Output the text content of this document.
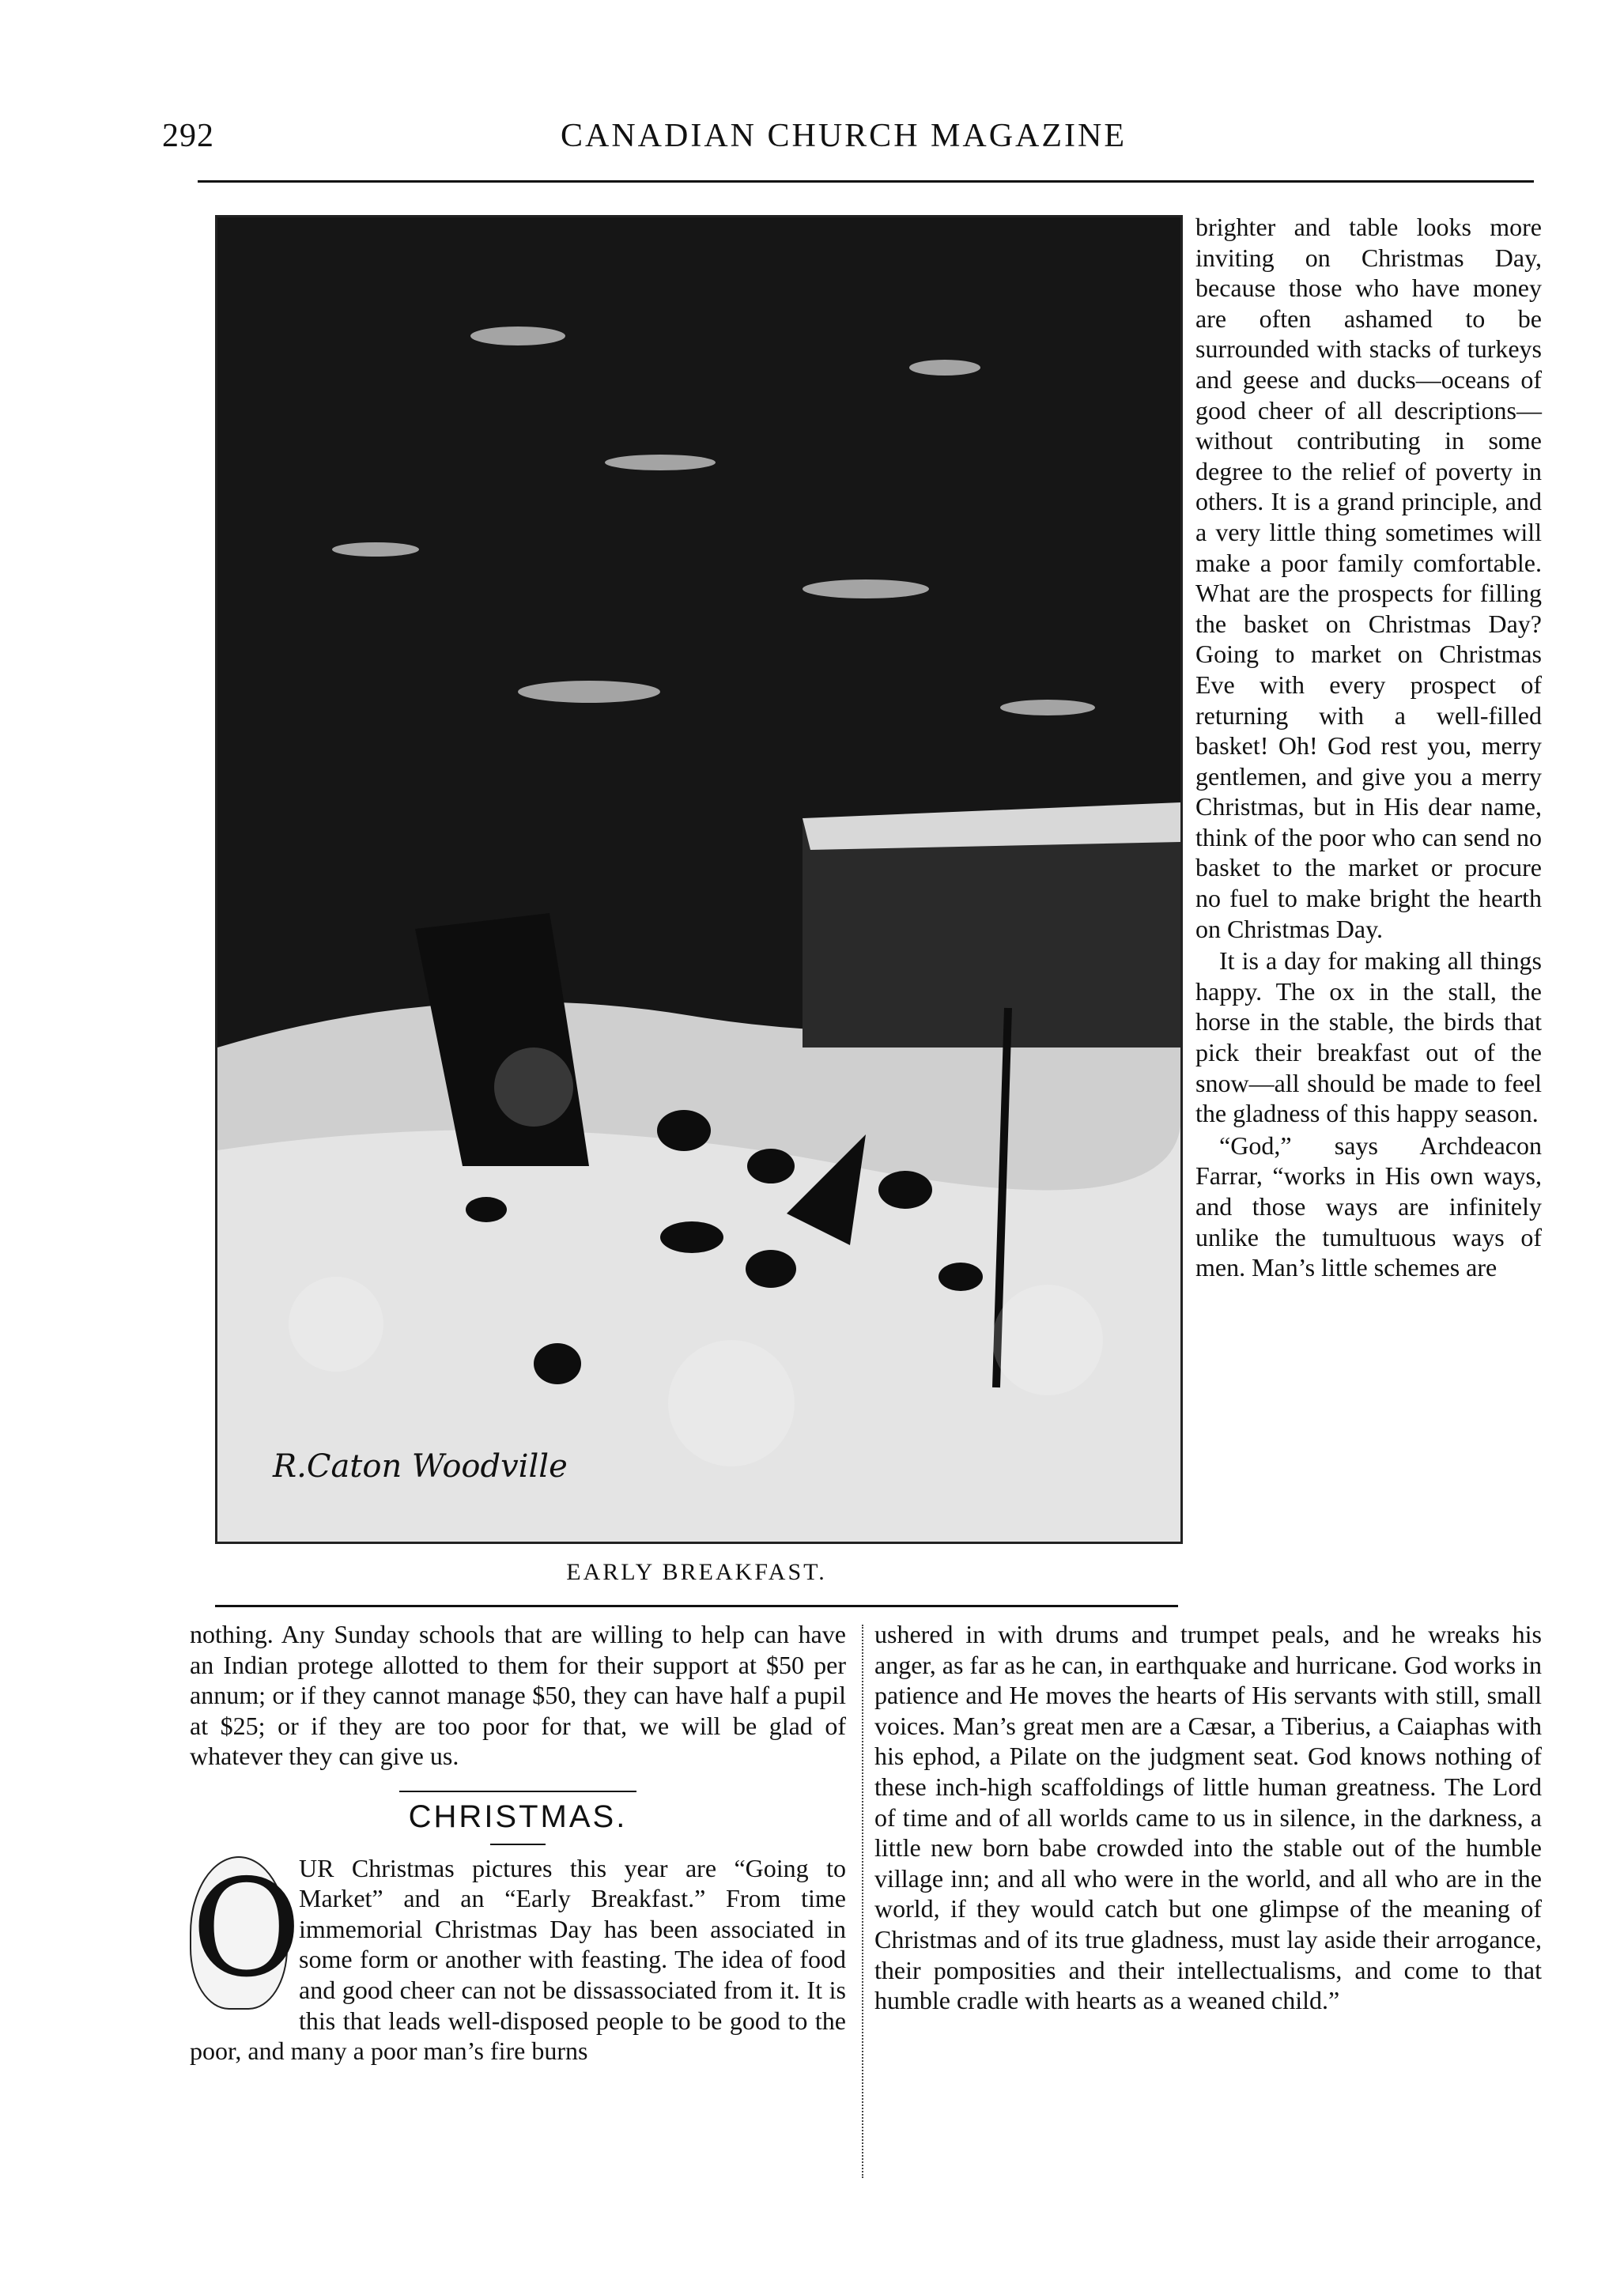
292	CANADIAN CHURCH MAGAZINE
R.Caton Woodville
EARLY BREAKFAST.

brighter and table looks more inviting on Christmas Day, because those who have money are often ashamed to be surrounded with stacks of turkeys and geese and ducks—oceans of good cheer of all descriptions—without contributing in some degree to the relief of poverty in others. It is a grand principle, and a very little thing sometimes will make a poor family comfortable. What are the prospects for filling the basket on Christmas Day? Going to market on Christmas Eve with every prospect of returning with a well-filled basket! Oh! God rest you, merry gentlemen, and give you a merry Christmas, but in His dear name, think of the poor who can send no basket to the market or procure no fuel to make bright the hearth on Christmas Day.

It is a day for making all things happy. The ox in the stall, the horse in the stable, the birds that pick their breakfast out of the snow—all should be made to feel the gladness of this happy season.

“God,” says Archdeacon Farrar, “works in His own ways, and those ways are infinitely unlike the tumultuous ways of men. Man’s little schemes are

ushered in with drums and trumpet peals, and he wreaks his anger, as far as he can, in earthquake and hurricane. God works in patience and He moves the hearts of His servants with still, small voices. Man’s great men are a Cæsar, a Tiberius, a Caiaphas with his ephod, a Pilate on the judgment seat. God knows nothing of these inch-high scaffoldings of little human greatness. The Lord of time and of all worlds came to us in silence, in the darkness, a little new born babe crowded into the stable out of the humble village inn; and all who were in the world, and all who are in the world, if they would catch but one glimpse of the meaning of Christmas and of its true gladness, must lay aside their arrogance, their pomposities and their intellectualisms, and come to that humble cradle with hearts as a weaned child.”

nothing. Any Sunday schools that are willing to help can have an Indian protege allotted to them for their support at $50 per annum; or if they cannot manage $50, they can have half a pupil at $25; or if they are too poor for that, we will be glad of whatever they can give us.

CHRISTMAS.

O
UR Christmas pictures this year are “Going to Market” and an “Early Breakfast.” From time immemorial Christmas Day has been associated in some form or another with feasting. The idea of food and good cheer can not be dissassociated from it. It is this that leads well-disposed people to be good to the poor, and many a poor man’s fire burns
